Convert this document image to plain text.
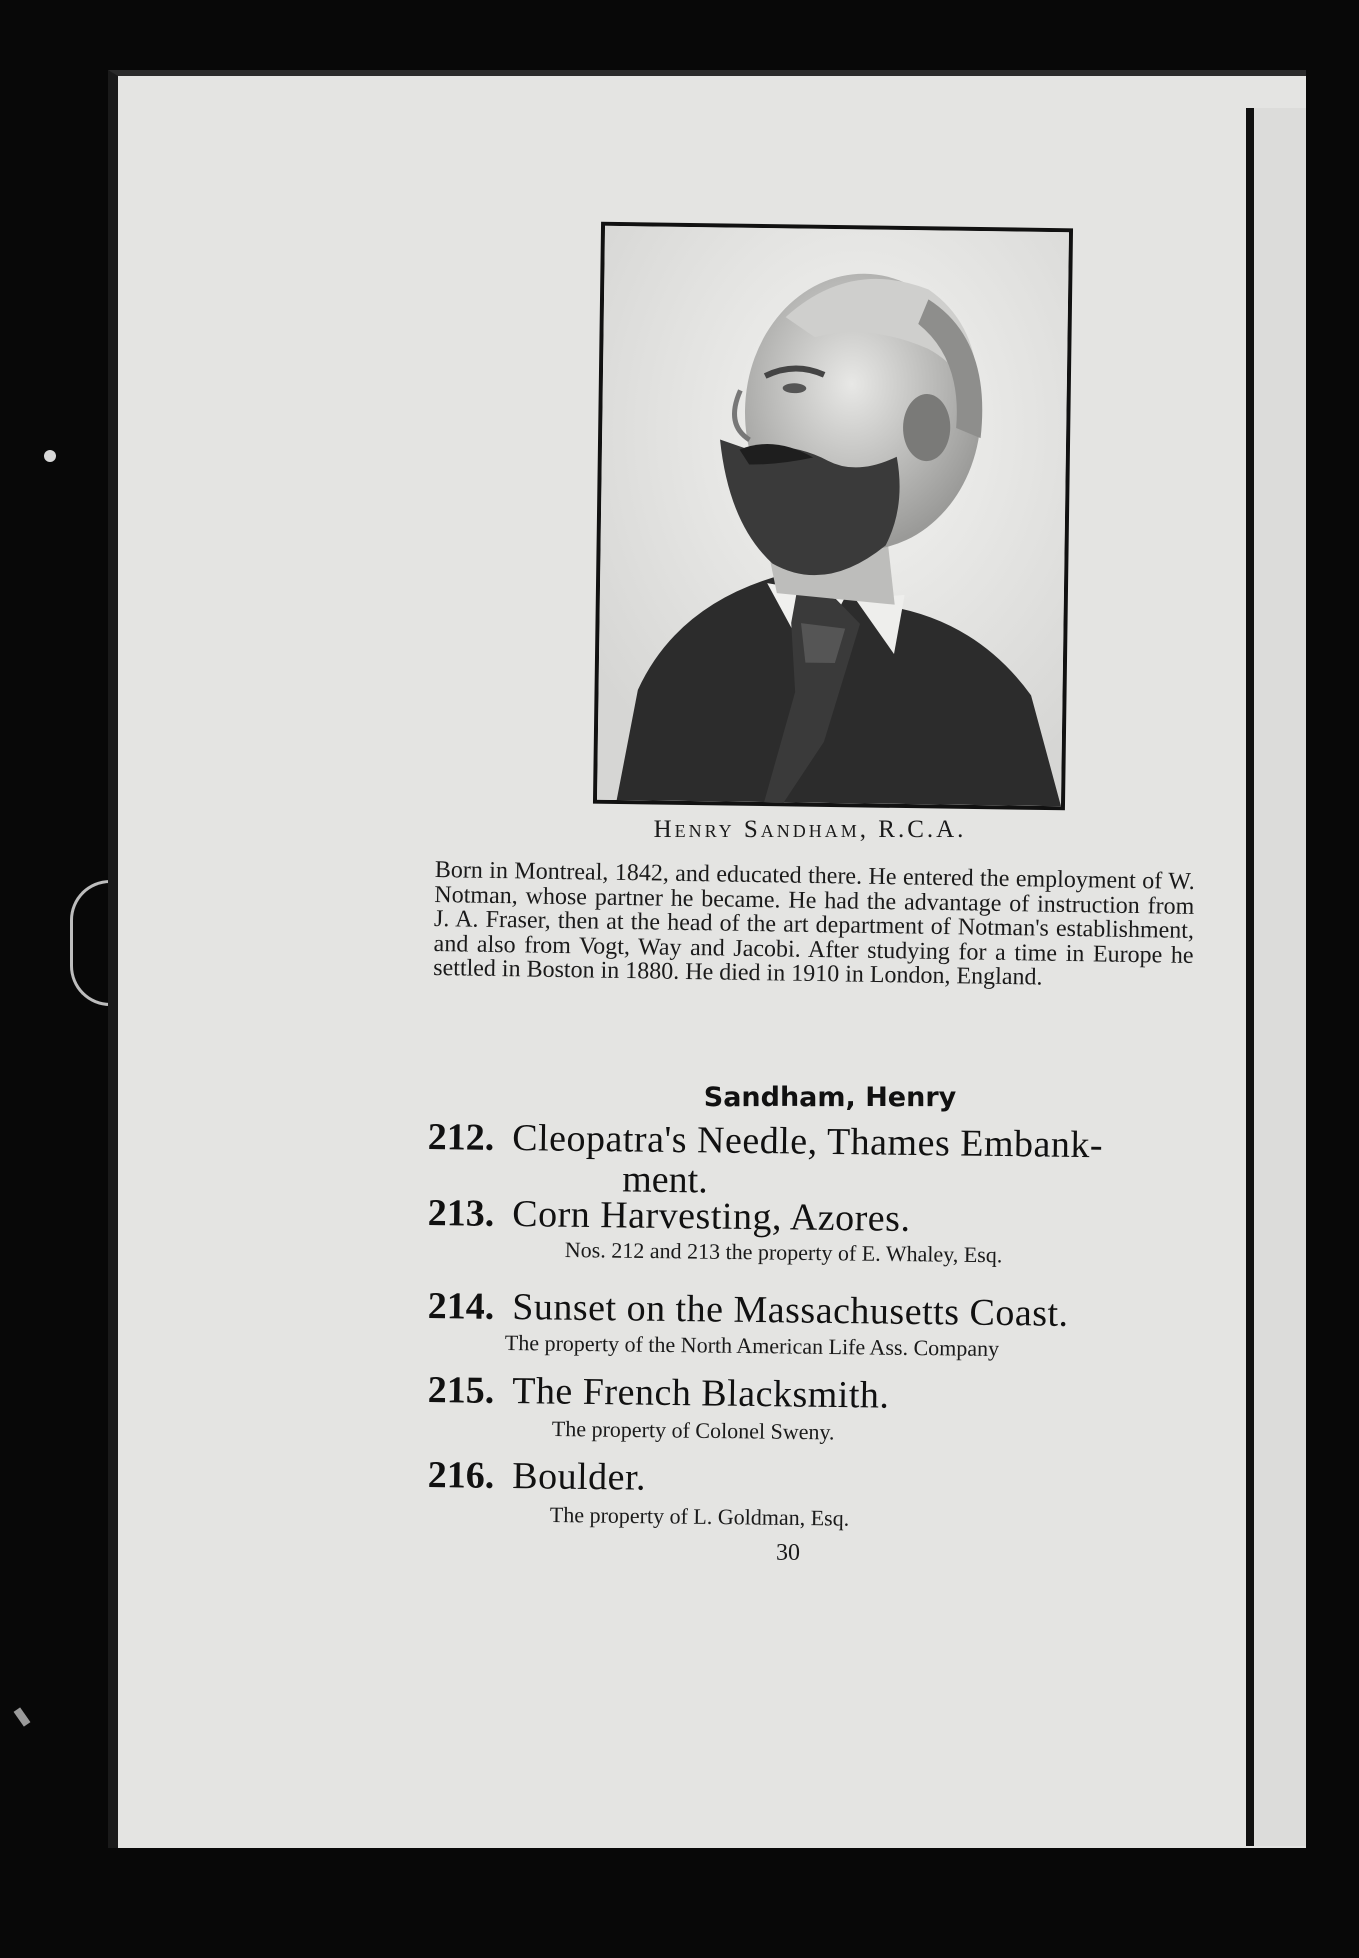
Henry Sandham, R.C.A.
Born in Montreal, 1842, and educated there. He entered the employment of W. Notman, whose partner he became. He had the advantage of instruction from J. A. Fraser, then at the head of the art department of Notman's establishment, and also from Vogt, Way and Jacobi. After studying for a time in Europe he settled in Boston in 1880. He died in 1910 in London, England.
Sandham, Henry
212. Cleopatra's Needle, Thames Embank-
ment.
213. Corn Harvesting, Azores.
Nos. 212 and 213 the property of E. Whaley, Esq.
214. Sunset on the Massachusetts Coast.
The property of the North American Life Ass. Company
215. The French Blacksmith.
The property of Colonel Sweny.
216. Boulder.
The property of L. Goldman, Esq.
30
